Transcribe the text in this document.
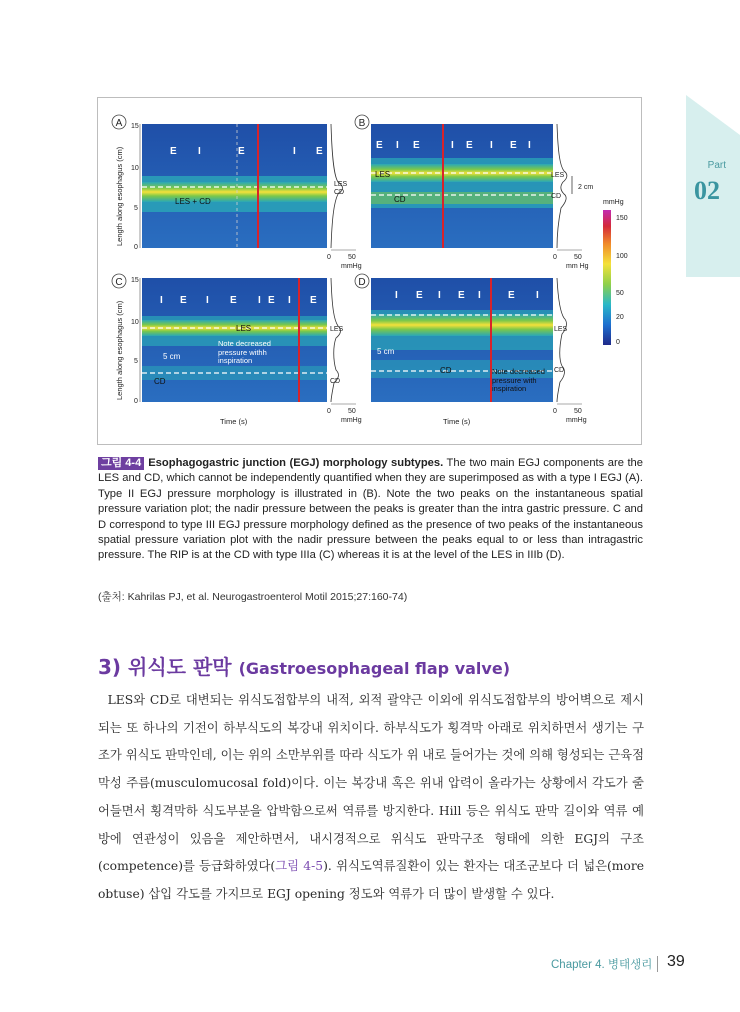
Part
02
A
E I	E	I E
LES + CD
15
10
5
0
Length along esophagus (cm)	LES
CD
0 50
mmHg
B
E I E	I E I E I
LES
CD
LES
CD
2 cm
0 50
mm Hg
mmHg
150
100
50
20
0
C
I E I E I E I E
LES
5 cm
CD
Note decreased pressure withh inspiration
15
10
5
0
Length along esophagus (cm)	LES
CD
0 50
mmHg
Time (s)
D
I E I E I	E I
5 cm
CD	Note decreased pressure with inspiration
LES
CD
0 50
mmHg
Time (s)
그림 4-4 Esophagogastric junction (EGJ) morphology subtypes. The two main EGJ components are the LES and CD, which cannot be independently quantified when they are superimposed as with a type I EGJ (A). Type II EGJ pressure morphology is illustrated in (B). Note the two peaks on the instantaneous spatial pressure variation plot; the nadir pressure between the peaks is greater than the intra gastric pressure. C and D correspond to type III EGJ pressure morphology defined as the presence of two peaks of the instantaneous spatial pressure variation plot with the nadir pressure between the peaks equal to or less than intragastric pressure. The RIP is at the CD with type IIIa (C) whereas it is at the level of the LES in IIIb (D).
(출처: Kahrilas PJ, et al. Neurogastroenterol Motil 2015;27:160-74)
3) 위식도 판막 (Gastroesophageal flap valve)
LES와 CD로 대변되는 위식도접합부의 내적, 외적 괄약근 이외에 위식도접합부의 방어벽으로 제시되는 또 하나의 기전이 하부식도의 복강내 위치이다. 하부식도가 횡격막 아래로 위치하면서 생기는 구조가 위식도 판막인데, 이는 위의 소만부위를 따라 식도가 위 내로 들어가는 것에 의해 형성되는 근육점막성 주름(musculomucosal fold)이다. 이는 복강내 혹은 위내 압력이 올라가는 상황에서 각도가 줄어들면서 횡격막하 식도부분을 압박함으로써 역류를 방지한다. Hill 등은 위식도 판막 길이와 역류 예방에 연관성이 있음을 제안하면서, 내시경적으로 위식도 판막구조 형태에 의한 EGJ의 구조(competence)를 등급화하였다(그림 4-5). 위식도역류질환이 있는 환자는 대조군보다 더 넓은(more obtuse) 삽입 각도를 가지므로 EGJ opening 정도와 역류가 더 많이 발생할 수 있다.
Chapter 4. 병태생리 39
